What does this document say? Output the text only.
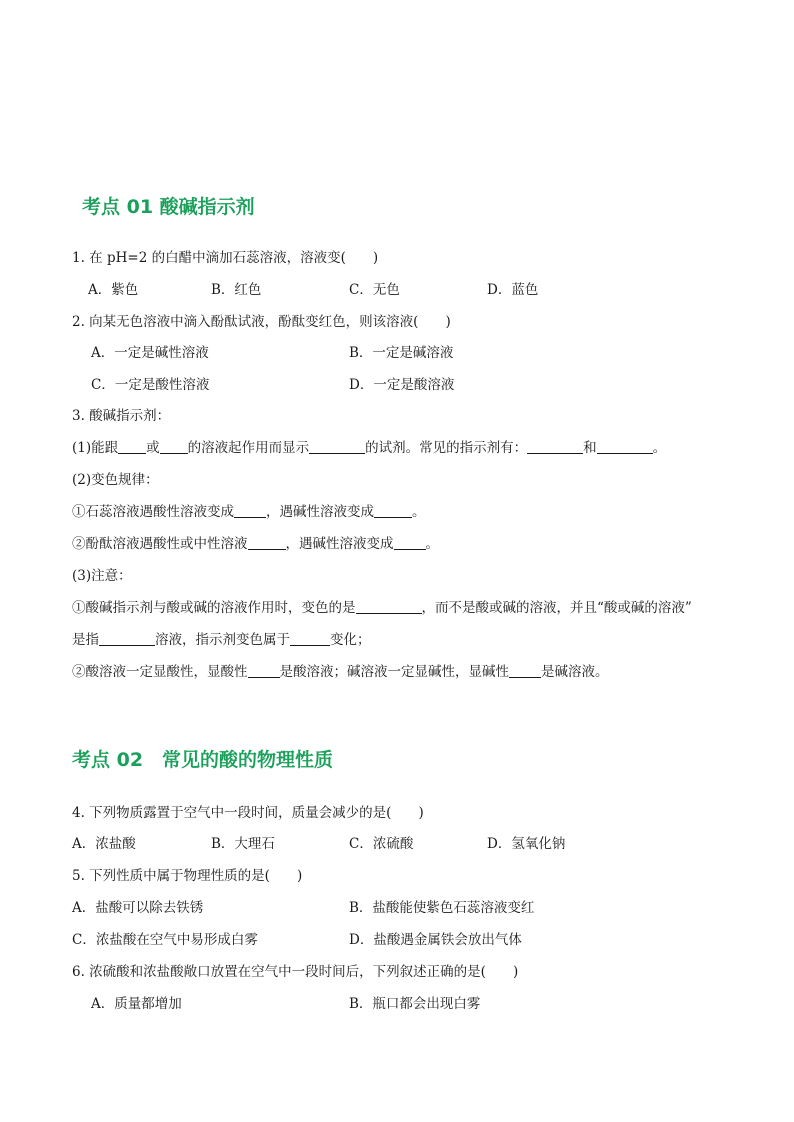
考点 01 酸碱指示剂
1. 在 pH=2 的白醋中滴加石蕊溶液，溶液变(　　)
A．紫色	B．红色	C．无色	D．蓝色
2. 向某无色溶液中滴入酚酞试液，酚酞变红色，则该溶液(　　)
A．一定是碱性溶液	B．一定是碱溶液
C．一定是酸性溶液	D．一定是酸溶液
3. 酸碱指示剂：
(1)能跟 或 的溶液起作用而显示	的试剂。常见的指示剂有：	和	。
(2)变色规律：
①石蕊溶液遇酸性溶液变成 ，遇碱性溶液变成	。
②酚酞溶液遇酸性或中性溶液	，遇碱性溶液变成 。
(3)注意：
①酸碱指示剂与酸或碱的溶液作用时，变色的是	，而不是酸或碱的溶液，并且“酸或碱的溶液”
是指	溶液，指示剂变色属于	变化；
②酸溶液一定显酸性，显酸性 是酸溶液；碱溶液一定显碱性，显碱性 是碱溶液。
考点 02　常见的酸的物理性质
4. 下列物质露置于空气中一段时间，质量会减少的是(　　)
A．浓盐酸	B．大理石	C．浓硫酸	D．氢氧化钠
5. 下列性质中属于物理性质的是(　　)
A．盐酸可以除去铁锈	B．盐酸能使紫色石蕊溶液变红
C．浓盐酸在空气中易形成白雾	D．盐酸遇金属铁会放出气体
6. 浓硫酸和浓盐酸敞口放置在空气中一段时间后，下列叙述正确的是(　　)
A．质量都增加	B．瓶口都会出现白雾
